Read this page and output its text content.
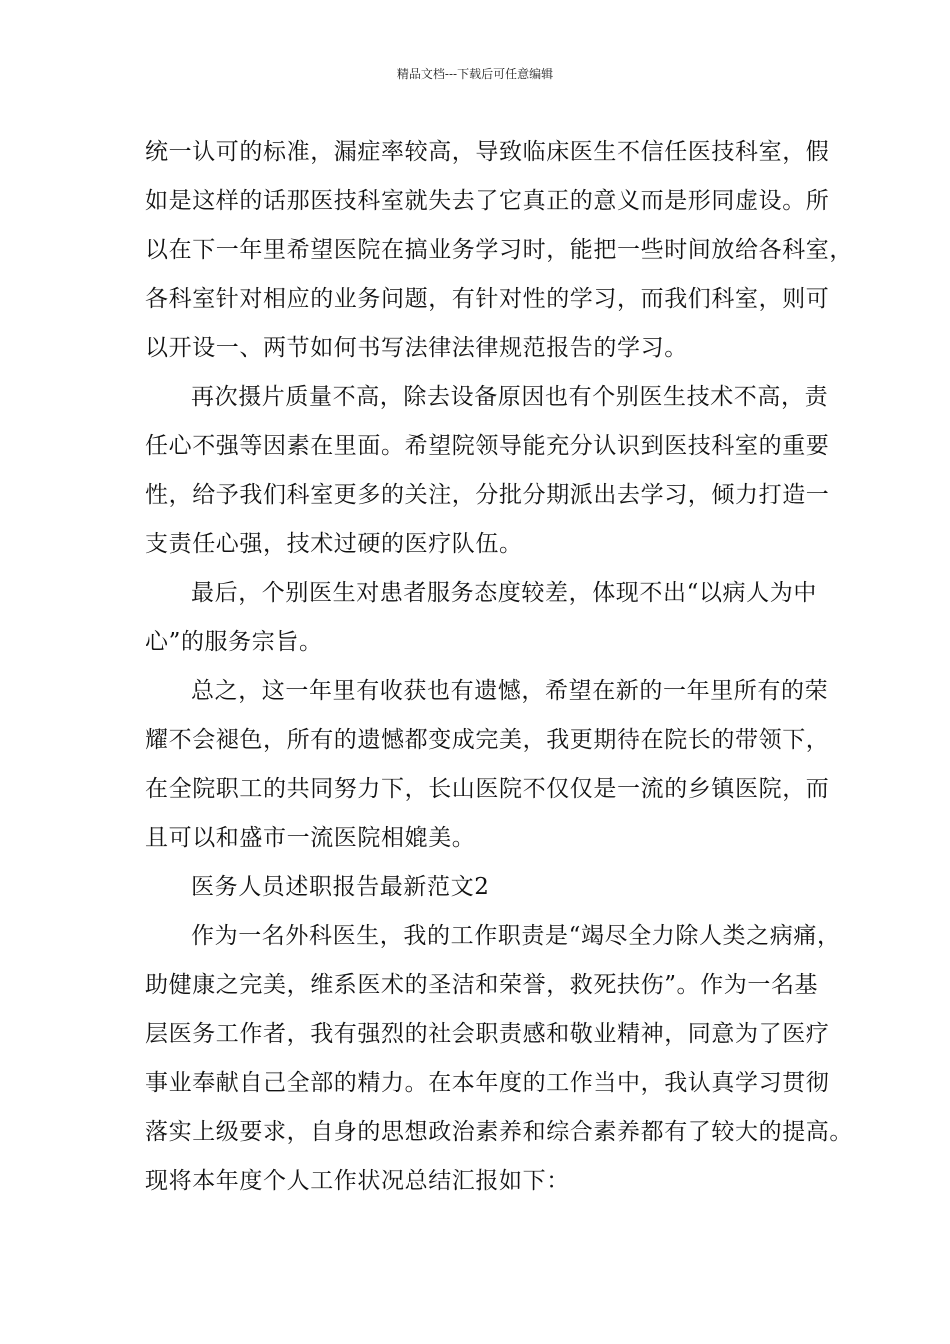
精品文档---下载后可任意编辑
统一认可的标准，漏症率较高，导致临床医生不信任医技科室，假
如是这样的话那医技科室就失去了它真正的意义而是形同虚设。所
以在下一年里希望医院在搞业务学习时，能把一些时间放给各科室，
各科室针对相应的业务问题，有针对性的学习，而我们科室，则可
以开设一、两节如何书写法律法律规范报告的学习。
再次摄片质量不高，除去设备原因也有个别医生技术不高，责
任心不强等因素在里面。希望院领导能充分认识到医技科室的重要
性，给予我们科室更多的关注，分批分期派出去学习，倾力打造一
支责任心强，技术过硬的医疗队伍。
最后，个别医生对患者服务态度较差，体现不出“以病人为中
心”的服务宗旨。
总之，这一年里有收获也有遗憾，希望在新的一年里所有的荣
耀不会褪色，所有的遗憾都变成完美，我更期待在院长的带领下，
在全院职工的共同努力下，长山医院不仅仅是一流的乡镇医院，而
且可以和盛市一流医院相媲美。
医务人员述职报告最新范文2
作为一名外科医生，我的工作职责是“竭尽全力除人类之病痛，
助健康之完美，维系医术的圣洁和荣誉，救死扶伤”。作为一名基
层医务工作者，我有强烈的社会职责感和敬业精神，同意为了医疗
事业奉献自己全部的精力。在本年度的工作当中，我认真学习贯彻
落实上级要求，自身的思想政治素养和综合素养都有了较大的提高。
现将本年度个人工作状况总结汇报如下：
